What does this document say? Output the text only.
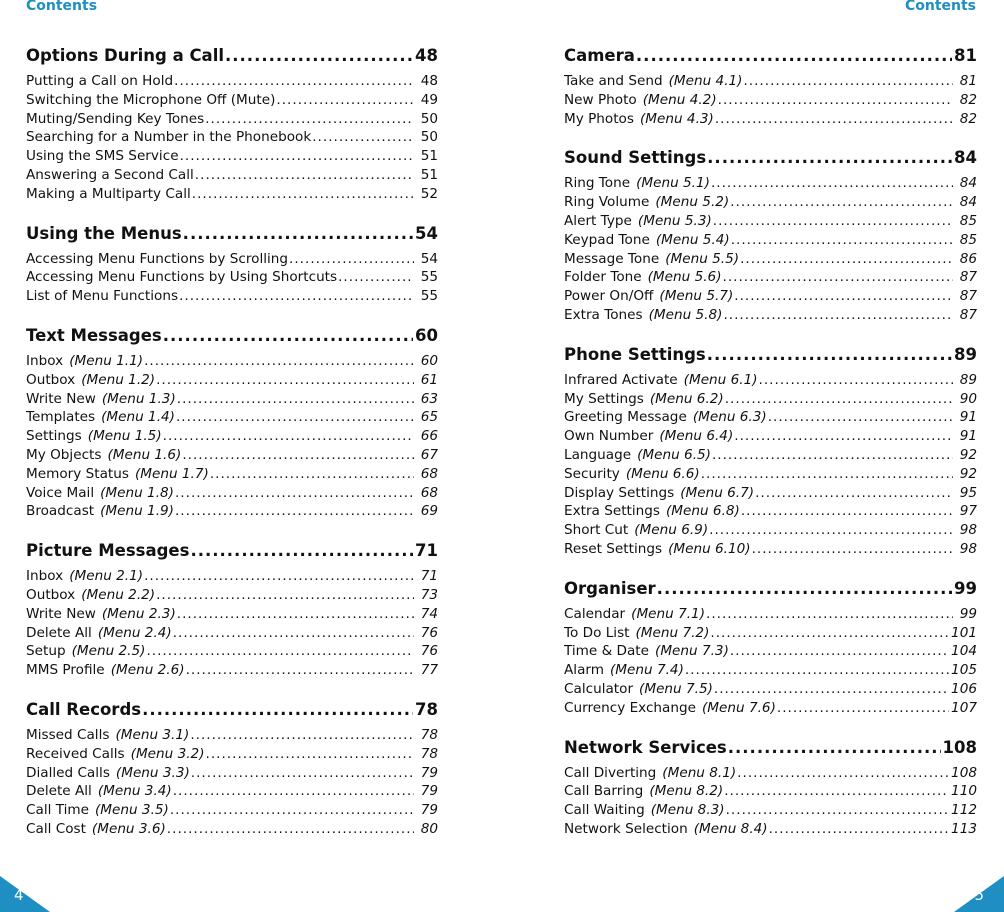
Contents	Contents
Options During a Call .....	48
Putting a Call on Hold .....	48
Switching the Microphone Off (Mute) .....	49
Muting/Sending Key Tones .....	50
Searching for a Number in the Phonebook .....	50
Using the SMS Service .....	51
Answering a Second Call .....	51
Making a Multiparty Call .....	52
Using the Menus .....	54
Accessing Menu Functions by Scrolling .....	54
Accessing Menu Functions by Using Shortcuts .....	55
List of Menu Functions .....	55
Text Messages .....	60
Inbox (Menu 1.1) .....	60
Outbox (Menu 1.2) .....	61
Write New (Menu 1.3) .....	63
Templates (Menu 1.4) .....	65
Settings (Menu 1.5) .....	66
My Objects (Menu 1.6) .....	67
Memory Status (Menu 1.7) .....	68
Voice Mail (Menu 1.8) .....	68
Broadcast (Menu 1.9) .....	69
Picture Messages .....	71
Inbox (Menu 2.1) .....	71
Outbox (Menu 2.2) .....	73
Write New (Menu 2.3) .....	74
Delete All (Menu 2.4) .....	76
Setup (Menu 2.5) .....	76
MMS Profile (Menu 2.6) .....	77
Call Records .....	78
Missed Calls (Menu 3.1) .....	78
Received Calls (Menu 3.2) .....	78
Dialled Calls (Menu 3.3) .....	79
Delete All (Menu 3.4) .....	79
Call Time (Menu 3.5) .....	79
Call Cost (Menu 3.6) .....	80
Camera .....	81
Take and Send (Menu 4.1) .....	81
New Photo (Menu 4.2) .....	82
My Photos (Menu 4.3) .....	82
Sound Settings .....	84
Ring Tone (Menu 5.1) .....	84
Ring Volume (Menu 5.2) .....	84
Alert Type (Menu 5.3) .....	85
Keypad Tone (Menu 5.4) .....	85
Message Tone (Menu 5.5) .....	86
Folder Tone (Menu 5.6) .....	87
Power On/Off (Menu 5.7) .....	87
Extra Tones (Menu 5.8) .....	87
Phone Settings .....	89
Infrared Activate (Menu 6.1) .....	89
My Settings (Menu 6.2) .....	90
Greeting Message (Menu 6.3) .....	91
Own Number (Menu 6.4) .....	91
Language (Menu 6.5) .....	92
Security (Menu 6.6) .....	92
Display Settings (Menu 6.7) .....	95
Extra Settings (Menu 6.8) .....	97
Short Cut (Menu 6.9) .....	98
Reset Settings (Menu 6.10) .....	98
Organiser .....	99
Calendar (Menu 7.1) .....	99
To Do List (Menu 7.2) .....	101
Time & Date (Menu 7.3) .....	104
Alarm (Menu 7.4) .....	105
Calculator (Menu 7.5) .....	106
Currency Exchange (Menu 7.6) .....	107
Network Services .....	108
Call Diverting (Menu 8.1) .....	108
Call Barring (Menu 8.2) .....	110
Call Waiting (Menu 8.3) .....	112
Network Selection (Menu 8.4) .....	113
4	5
